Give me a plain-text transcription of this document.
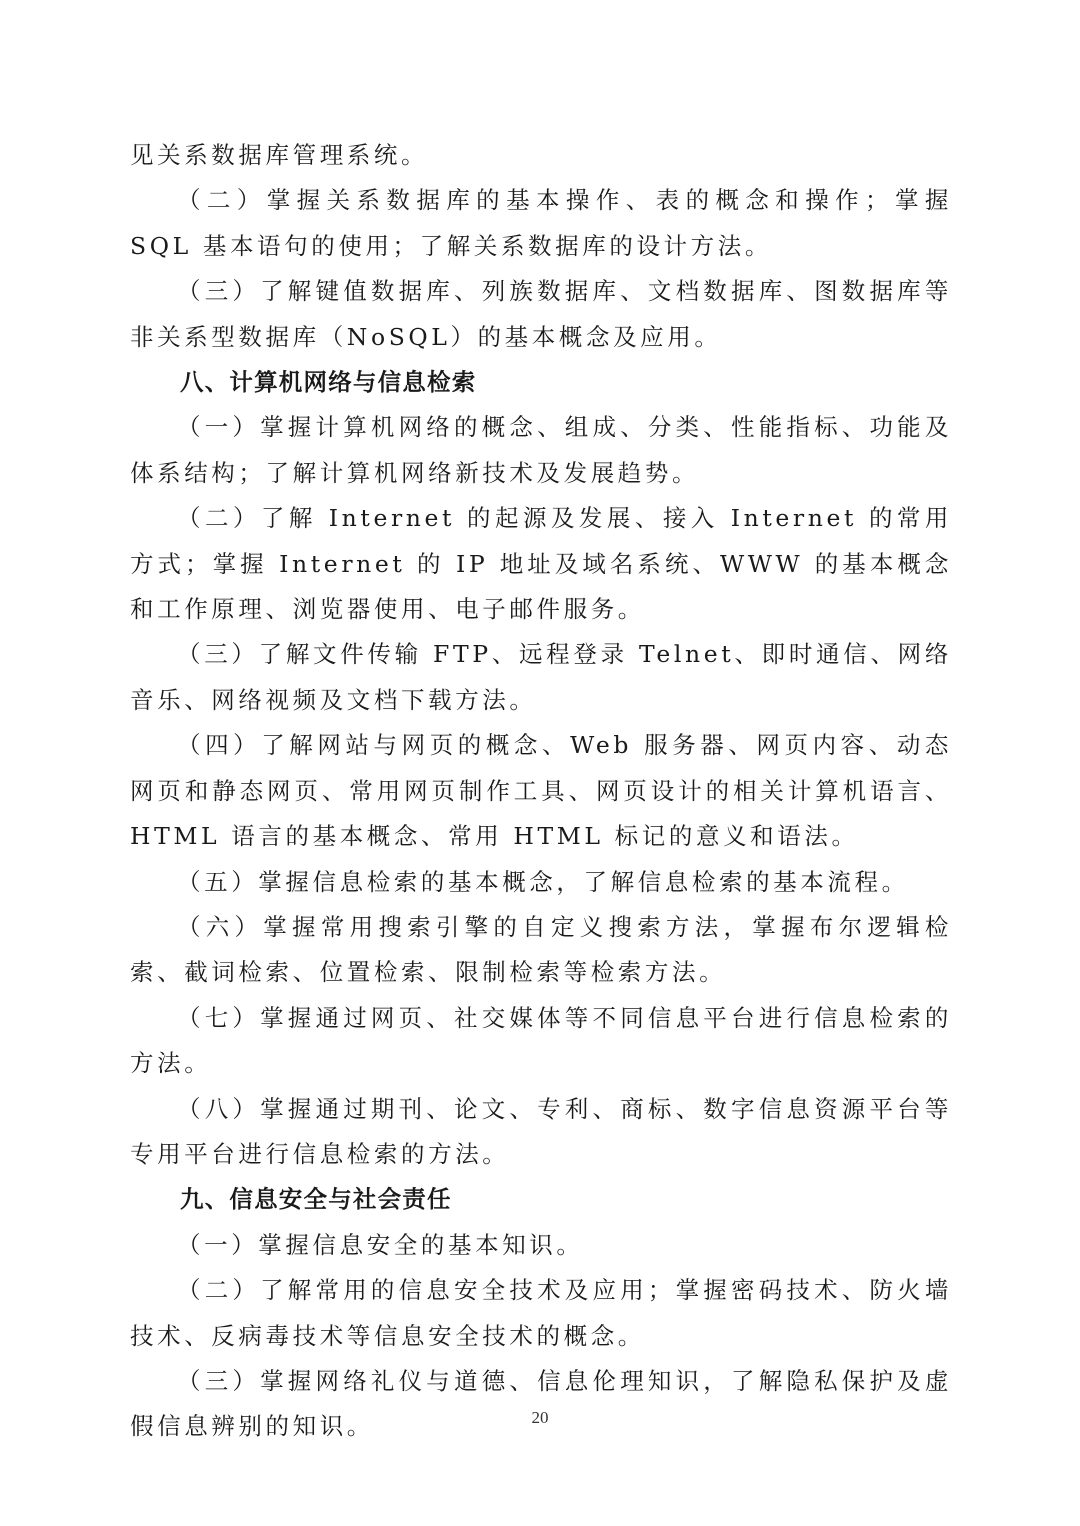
见关系数据库管理系统。

（二）掌握关系数据库的基本操作、表的概念和操作；掌握 SQL 基本语句的使用；了解关系数据库的设计方法。

（三）了解键值数据库、列族数据库、文档数据库、图数据库等非关系型数据库（NoSQL）的基本概念及应用。

八、计算机网络与信息检索

（一）掌握计算机网络的概念、组成、分类、性能指标、功能及体系结构；了解计算机网络新技术及发展趋势。

（二）了解 Internet 的起源及发展、接入 Internet 的常用方式；掌握 Internet 的 IP 地址及域名系统、WWW 的基本概念和工作原理、浏览器使用、电子邮件服务。

（三）了解文件传输 FTP、远程登录 Telnet、即时通信、网络音乐、网络视频及文档下载方法。

（四）了解网站与网页的概念、Web 服务器、网页内容、动态网页和静态网页、常用网页制作工具、网页设计的相关计算机语言、HTML 语言的基本概念、常用 HTML 标记的意义和语法。

（五）掌握信息检索的基本概念，了解信息检索的基本流程。

（六）掌握常用搜索引擎的自定义搜索方法，掌握布尔逻辑检索、截词检索、位置检索、限制检索等检索方法。

（七）掌握通过网页、社交媒体等不同信息平台进行信息检索的方法。

（八）掌握通过期刊、论文、专利、商标、数字信息资源平台等专用平台进行信息检索的方法。

九、信息安全与社会责任

（一）掌握信息安全的基本知识。

（二）了解常用的信息安全技术及应用；掌握密码技术、防火墙技术、反病毒技术等信息安全技术的概念。

（三）掌握网络礼仪与道德、信息伦理知识，了解隐私保护及虚假信息辨别的知识。	20
